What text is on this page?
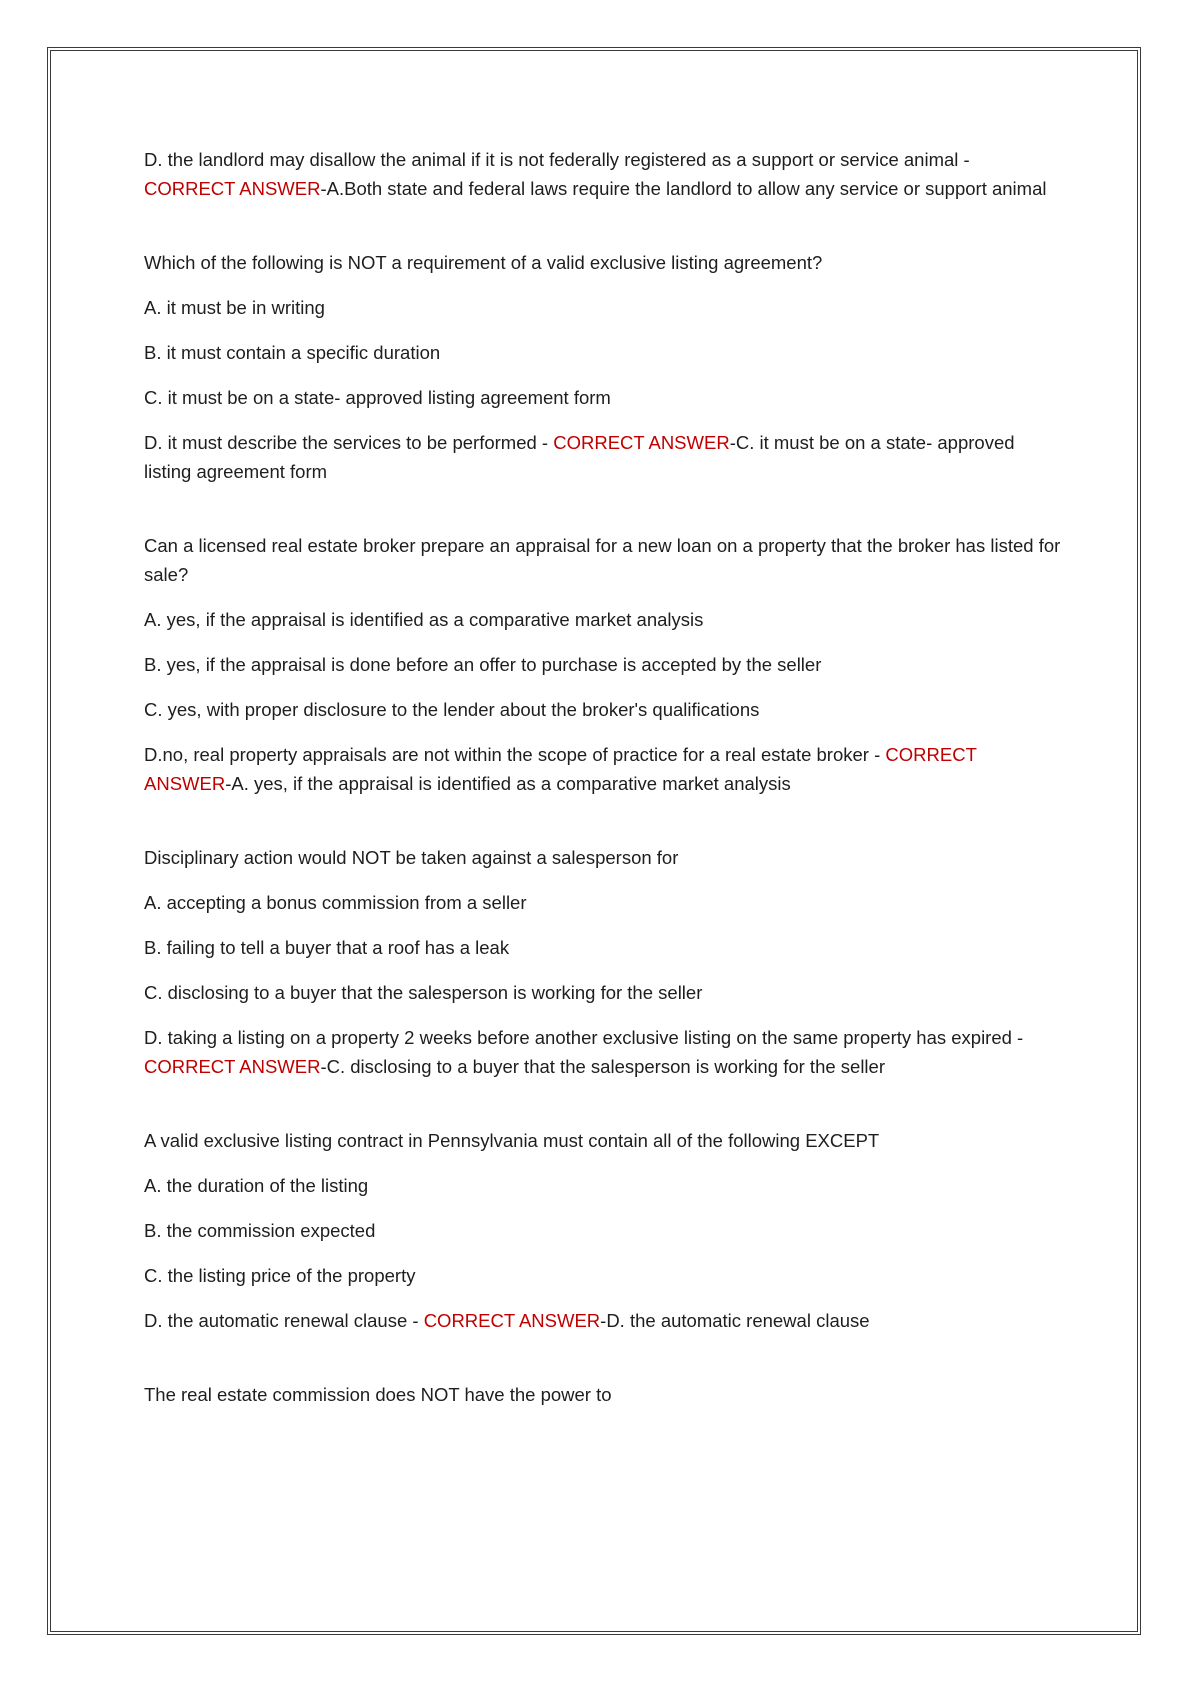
D. the landlord may disallow the animal if it is not federally registered as a support or service animal - CORRECT ANSWER-A.Both state and federal laws require the landlord to allow any service or support animal

Which of the following is NOT a requirement of a valid exclusive listing agreement?

A. it must be in writing

B. it must contain a specific duration

C. it must be on a state- approved listing agreement form

D. it must describe the services to be performed - CORRECT ANSWER-C. it must be on a state- approved listing agreement form

Can a licensed real estate broker prepare an appraisal for a new loan on a property that the broker has listed for sale?

A. yes, if the appraisal is identified as a comparative market analysis

B. yes, if the appraisal is done before an offer to purchase is accepted by the seller

C. yes, with proper disclosure to the lender about the broker's qualifications

D.no, real property appraisals are not within the scope of practice for a real estate broker - CORRECT ANSWER-A. yes, if the appraisal is identified as a comparative market analysis

Disciplinary action would NOT be taken against a salesperson for

A. accepting a bonus commission from a seller

B. failing to tell a buyer that a roof has a leak

C. disclosing to a buyer that the salesperson is working for the seller

D. taking a listing on a property 2 weeks before another exclusive listing on the same property has expired - CORRECT ANSWER-C. disclosing to a buyer that the salesperson is working for the seller

A valid exclusive listing contract in Pennsylvania must contain all of the following EXCEPT

A. the duration of the listing

B. the commission expected

C. the listing price of the property

D. the automatic renewal clause - CORRECT ANSWER-D. the automatic renewal clause

The real estate commission does NOT have the power to
